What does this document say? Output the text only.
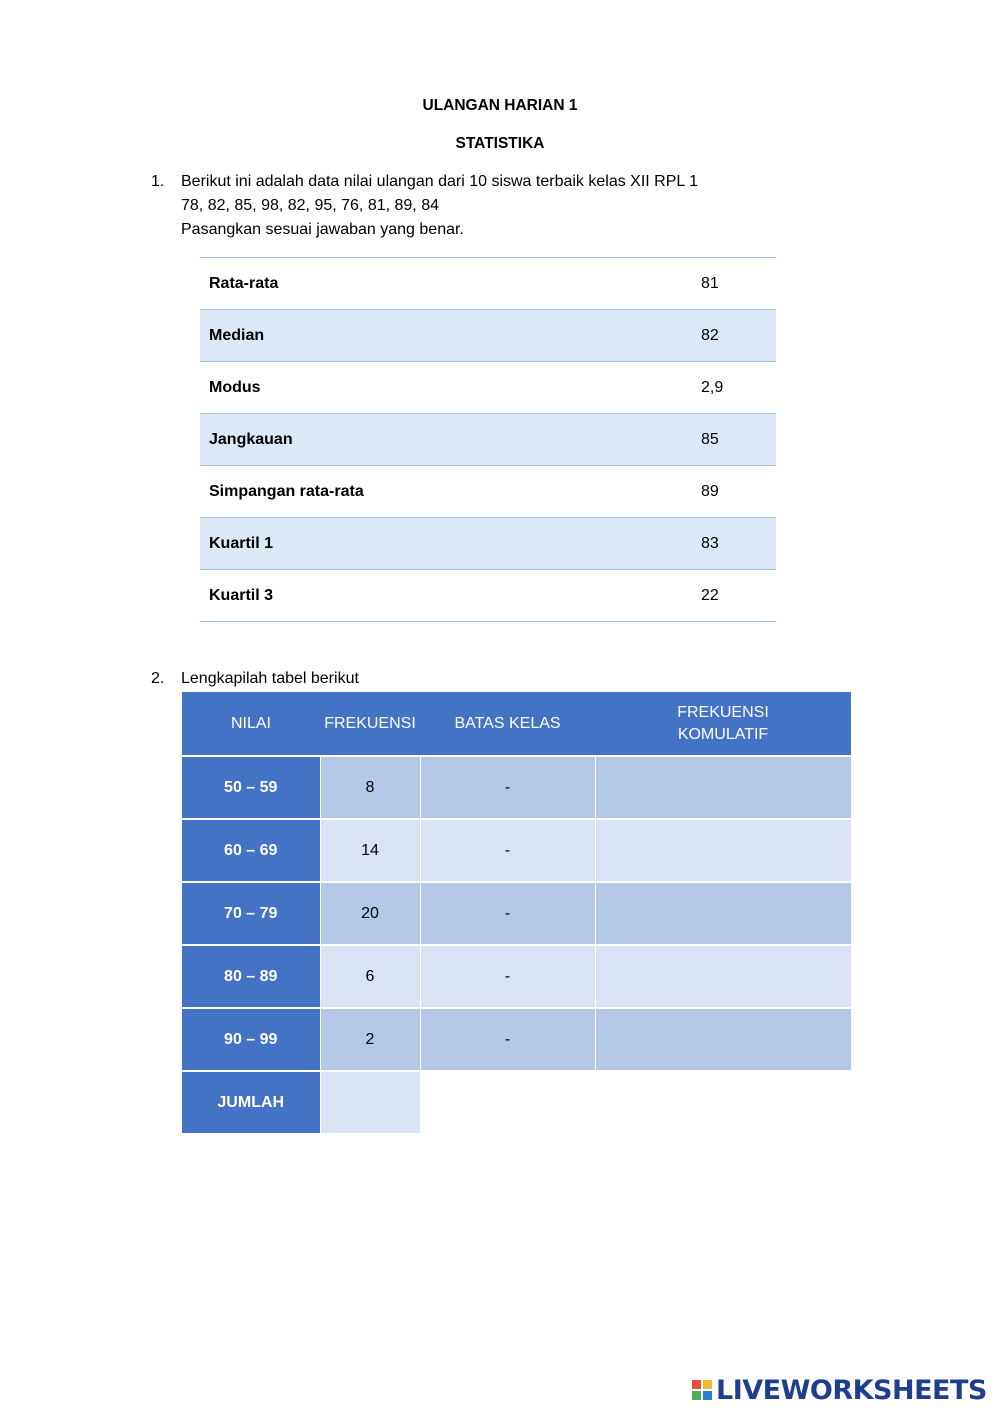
ULANGAN HARIAN 1
STATISTIKA
1. Berikut ini adalah data nilai ulangan dari 10 siswa terbaik kelas XII RPL 1
78, 82, 85, 98, 82, 95, 76, 81, 89, 84
Pasangkan sesuai jawaban yang benar.
Rata-rata	81
Median	82
Modus	2,9
Jangkauan	85
Simpangan rata-rata	89
Kuartil 1	83
Kuartil 3	22
2. Lengkapilah tabel berikut
NILAI	FREKUENSI	BATAS KELAS	FREKUENSI KOMULATIF
50 – 59	8	-	
60 – 69	14	-	
70 – 79	20	-	
80 – 89	6	-	
90 – 99	2	-	
JUMLAH			
LIVEWORKSHEETS
